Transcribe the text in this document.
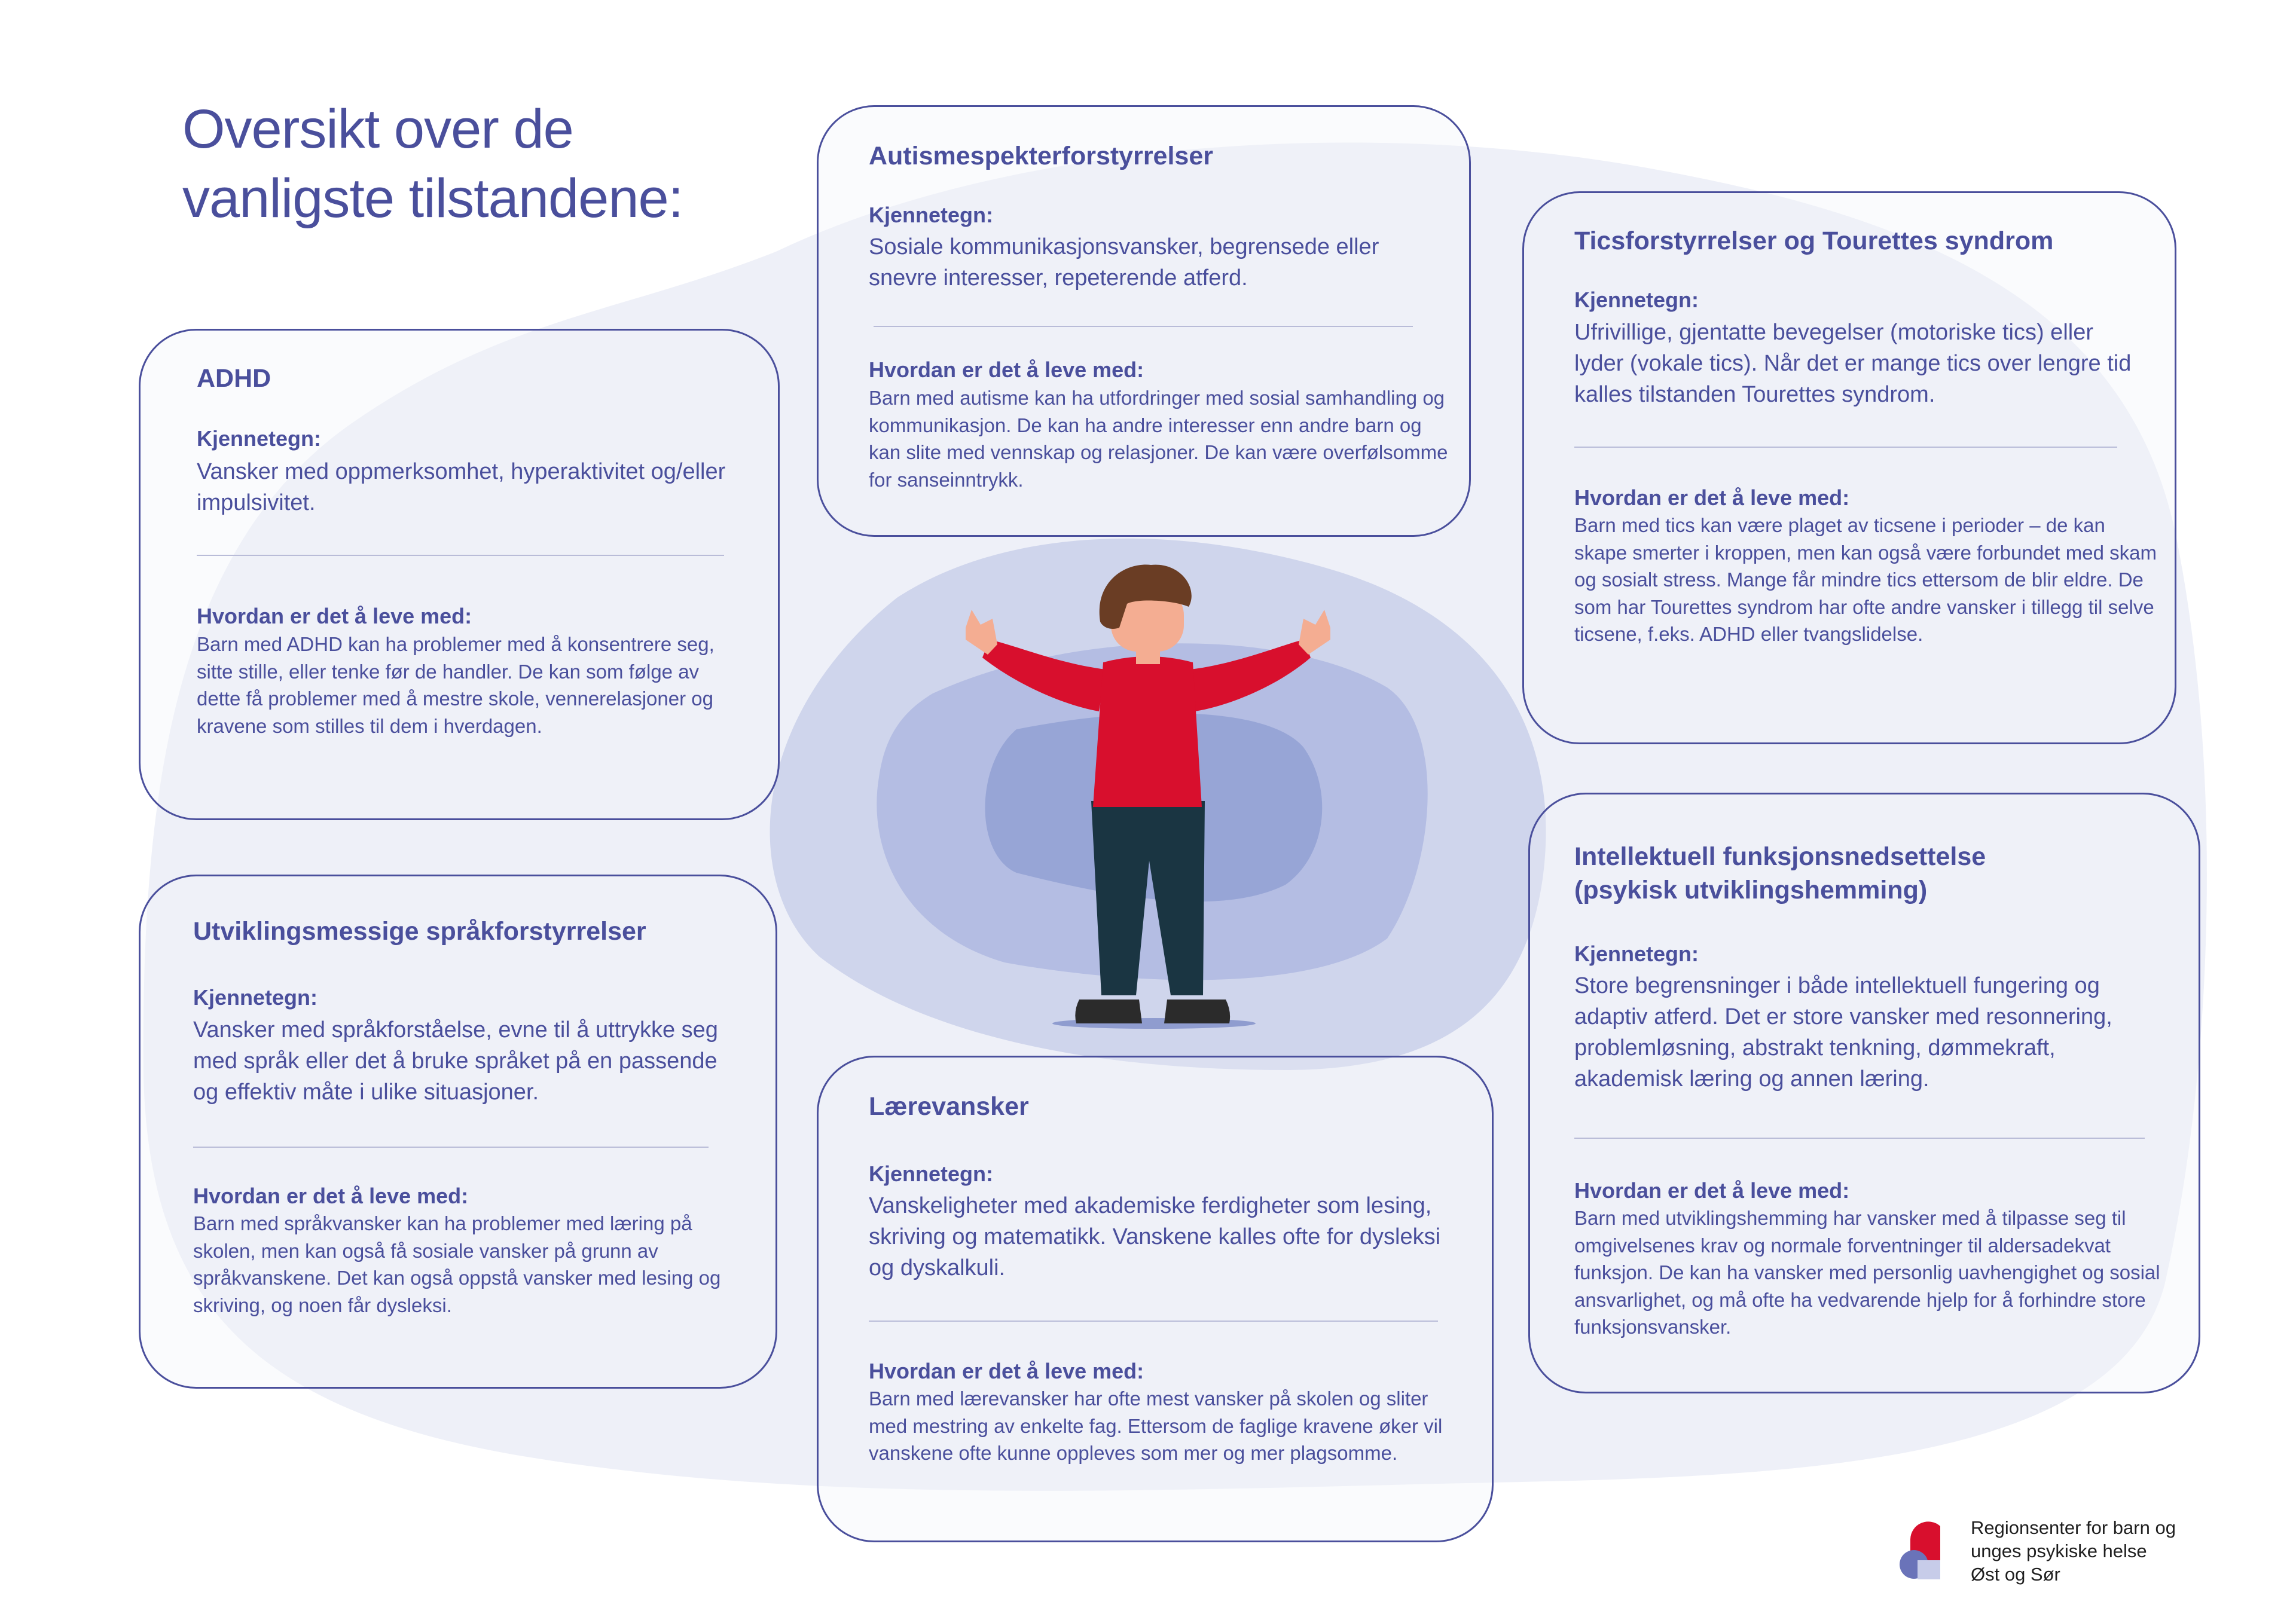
Oversikt over de
vanligste tilstandene:
ADHD

Kjennetegn:

Vansker med oppmerksomhet, hyperaktivitet og/eller impulsivitet.

Hvordan er det å leve med:

Barn med ADHD kan ha problemer med å konsentrere seg, sitte stille, eller tenke før de handler. De kan som følge av dette få problemer med å mestre skole, vennerelasjoner og kravene som stilles til dem i hverdagen.

Autismespekterforstyrrelser

Kjennetegn:

Sosiale kommunikasjonsvansker, begrensede eller snevre interesser, repeterende atferd.

Hvordan er det å leve med:

Barn med autisme kan ha utfordringer med sosial samhandling og kommunikasjon. De kan ha andre interesser enn andre barn og kan slite med vennskap og relasjoner. De kan være overfølsomme for sanseinntrykk.

Ticsforstyrrelser og Tourettes syndrom

Kjennetegn:

Ufrivillige, gjentatte bevegelser (motoriske tics) eller lyder (vokale tics). Når det er mange tics over lengre tid kalles tilstanden Tourettes syndrom.

Hvordan er det å leve med:

Barn med tics kan være plaget av ticsene i perioder – de kan skape smerter i kroppen, men kan også være forbundet med skam og sosialt stress. Mange får mindre tics ettersom de blir eldre. De som har Tourettes syndrom har ofte andre vansker i tillegg til selve ticsene, f.eks. ADHD eller tvangslidelse.

Utviklingsmessige språkforstyrrelser

Kjennetegn:

Vansker med språkforståelse, evne til å uttrykke seg med språk eller det å bruke språket på en passende og effektiv måte i ulike situasjoner.

Hvordan er det å leve med:

Barn med språkvansker kan ha problemer med læring på skolen, men kan også få sosiale vansker på grunn av språkvanskene. Det kan også oppstå vansker med lesing og skriving, og noen får dysleksi.

Lærevansker

Kjennetegn:

Vanskeligheter med akademiske ferdigheter som lesing, skriving og matematikk. Vanskene kalles ofte for dysleksi og dyskalkuli.

Hvordan er det å leve med:

Barn med lærevansker har ofte mest vansker på skolen og sliter med mestring av enkelte fag. Ettersom de faglige kravene øker vil vanskene ofte kunne oppleves som mer og mer plagsomme.

Intellektuell funksjonsnedsettelse
(psykisk utviklingshemming)

Kjennetegn:

Store begrensninger i både intellektuell fungering og adaptiv atferd. Det er store vansker med resonnering, problemløsning, abstrakt tenkning, dømmekraft, akademisk læring og annen læring.

Hvordan er det å leve med:

Barn med utviklingshemming har vansker med å tilpasse seg til omgivelsenes krav og normale forventninger til aldersadekvat funksjon. De kan ha vansker med personlig uavhengighet og sosial ansvarlighet, og må ofte ha vedvarende hjelp for å forhindre store funksjonsvansker.

Regionsenter for barn og
unges psykiske helse
Øst og Sør
